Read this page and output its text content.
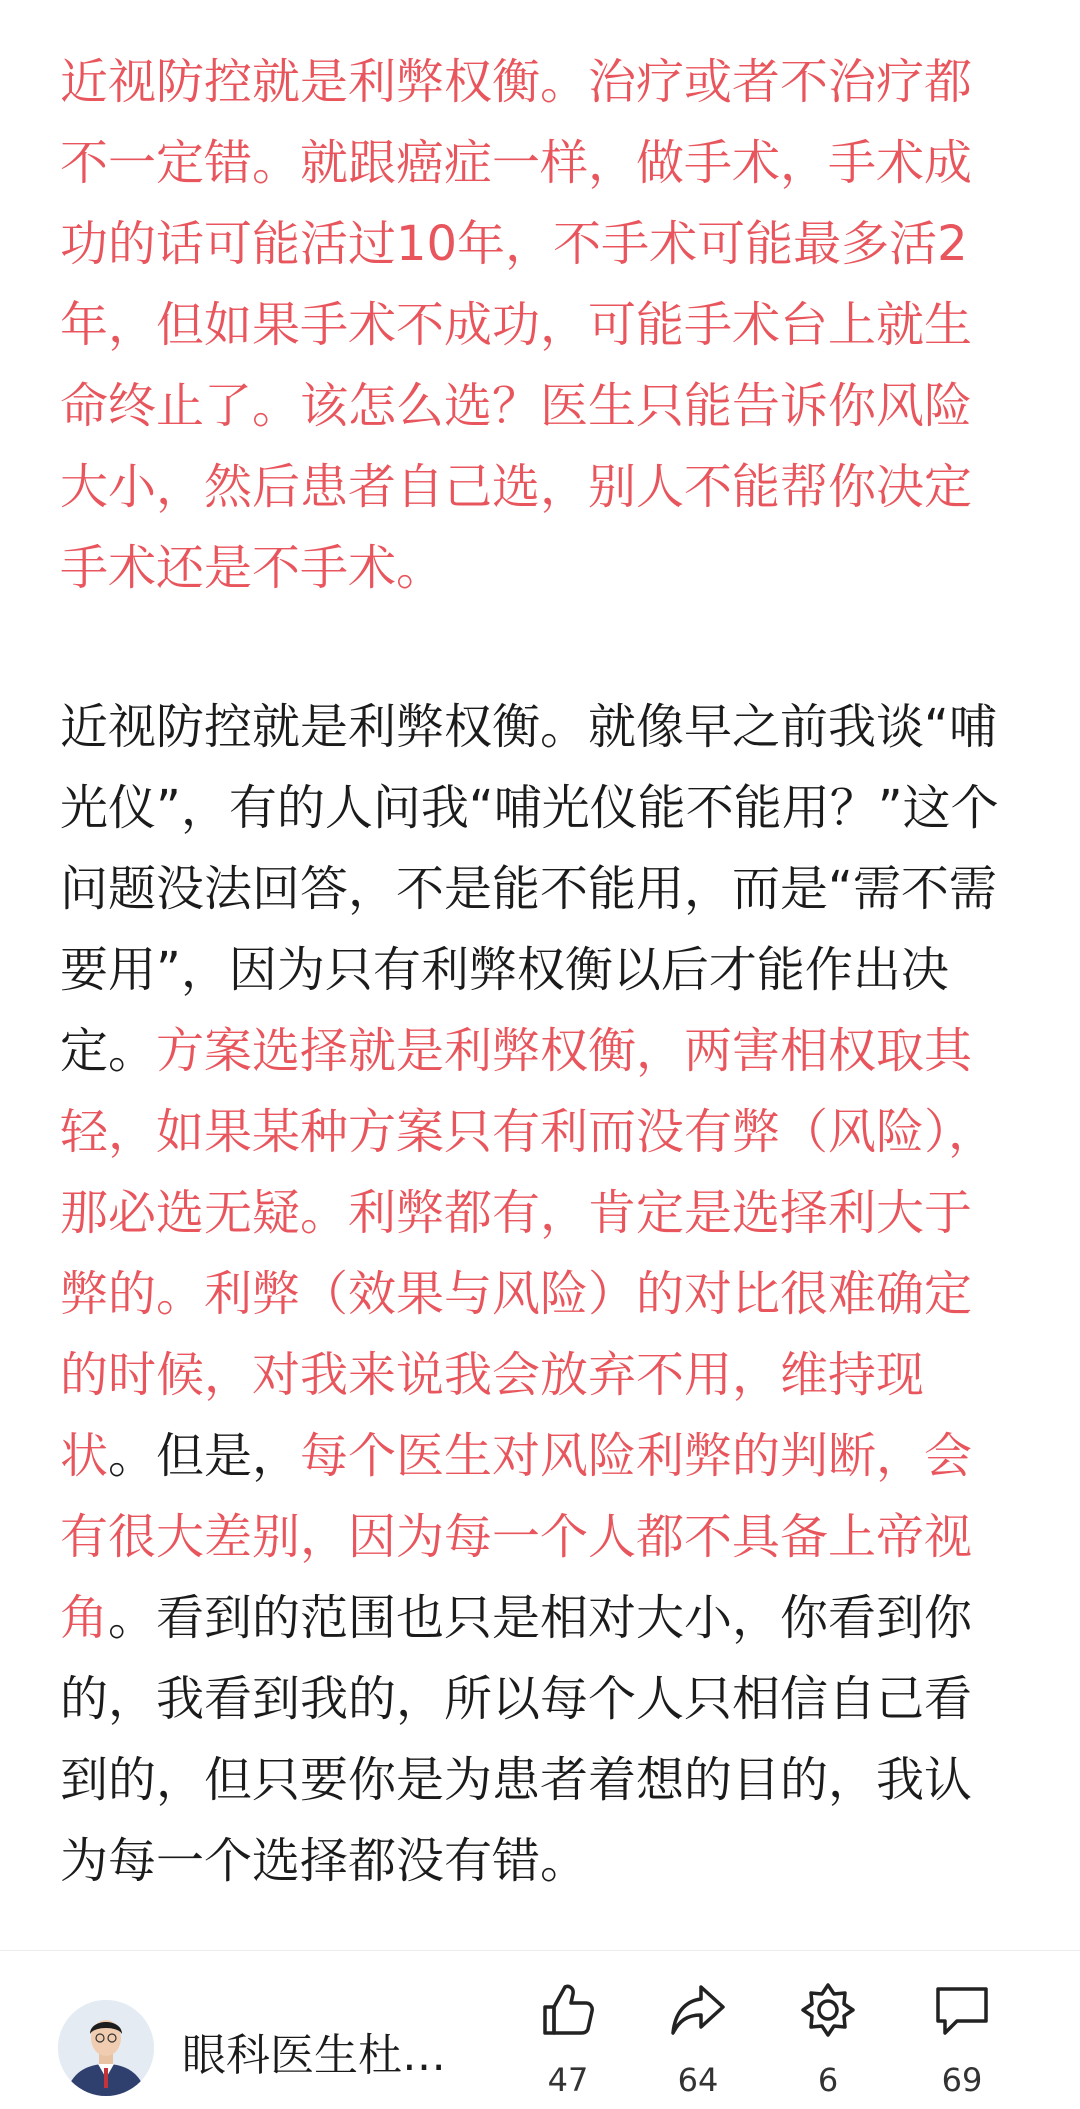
近视防控就是利弊权衡。治疗或者不治疗都不一定错。就跟癌症一样，做手术，手术成功的话可能活过10年，不手术可能最多活2年，但如果手术不成功，可能手术台上就生命终止了。该怎么选？医生只能告诉你风险大小，然后患者自己选，别人不能帮你决定手术还是不手术。

近视防控就是利弊权衡。就像早之前我谈“哺光仪”，有的人问我“哺光仪能不能用？”这个问题没法回答，不是能不能用，而是“需不需要用”，因为只有利弊权衡以后才能作出决定。方案选择就是利弊权衡，两害相权取其轻，如果某种方案只有利而没有弊（风险），那必选无疑。利弊都有，肯定是选择利大于弊的。利弊（效果与风险）的对比很难确定的时候，对我来说我会放弃不用，维持现状。但是，每个医生对风险利弊的判断，会有很大差别，因为每一个人都不具备上帝视角。看到的范围也只是相对大小，你看到你的，我看到我的，所以每个人只相信自己看到的，但只要你是为患者着想的目的，我认为每一个选择都没有错。

眼科医生杜…	47	64	6	69
